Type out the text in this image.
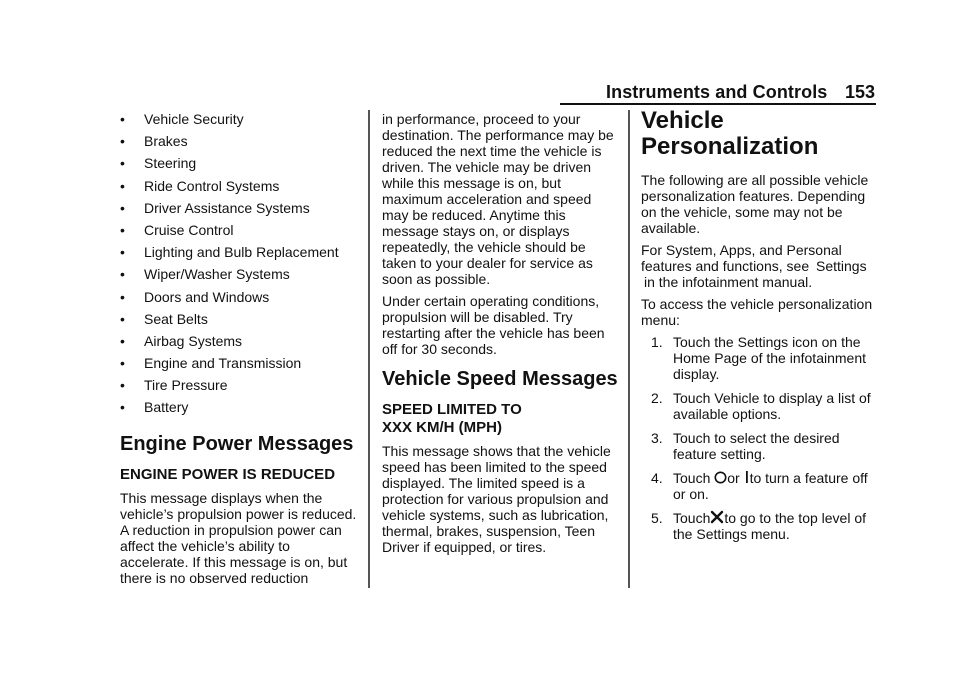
Instruments and Controls 153
• Vehicle Security
• Brakes
• Steering
• Ride Control Systems
• Driver Assistance Systems
• Cruise Control
• Lighting and Bulb Replacement
• Wiper/Washer Systems
• Doors and Windows
• Seat Belts
• Airbag Systems
• Engine and Transmission
• Tire Pressure
• Battery
Engine Power Messages
ENGINE POWER IS REDUCED

This message displays when the vehicle’s propulsion power is reduced. A reduction in propulsion power can affect the vehicle’s ability to accelerate. If this message is on, but there is no observed reduction

in performance, proceed to your destination. The performance may be reduced the next time the vehicle is driven. The vehicle may be driven while this message is on, but maximum acceleration and speed may be reduced. Anytime this message stays on, or displays repeatedly, the vehicle should be taken to your dealer for service as soon as possible.

Under certain operating conditions, propulsion will be disabled. Try restarting after the vehicle has been off for 30 seconds.

Vehicle Speed Messages
SPEED LIMITED TO
XXX KM/H (MPH)

This message shows that the vehicle speed has been limited to the speed displayed. The limited speed is a protection for various propulsion and vehicle systems, such as lubrication, thermal, brakes, suspension, Teen Driver if equipped, or tires.

Vehicle
Personalization

The following are all possible vehicle personalization features. Depending on the vehicle, some may not be available.

For System, Apps, and Personal features and functions, see Settings in the infotainment manual.

To access the vehicle personalization menu:

1. Touch the Settings icon on the Home Page of the infotainment display.
2. Touch Vehicle to display a list of available options.
3. Touch to select the desired feature setting.
4. Touch or to turn a feature off or on.
5. Touch to go to the top level of the Settings menu.
